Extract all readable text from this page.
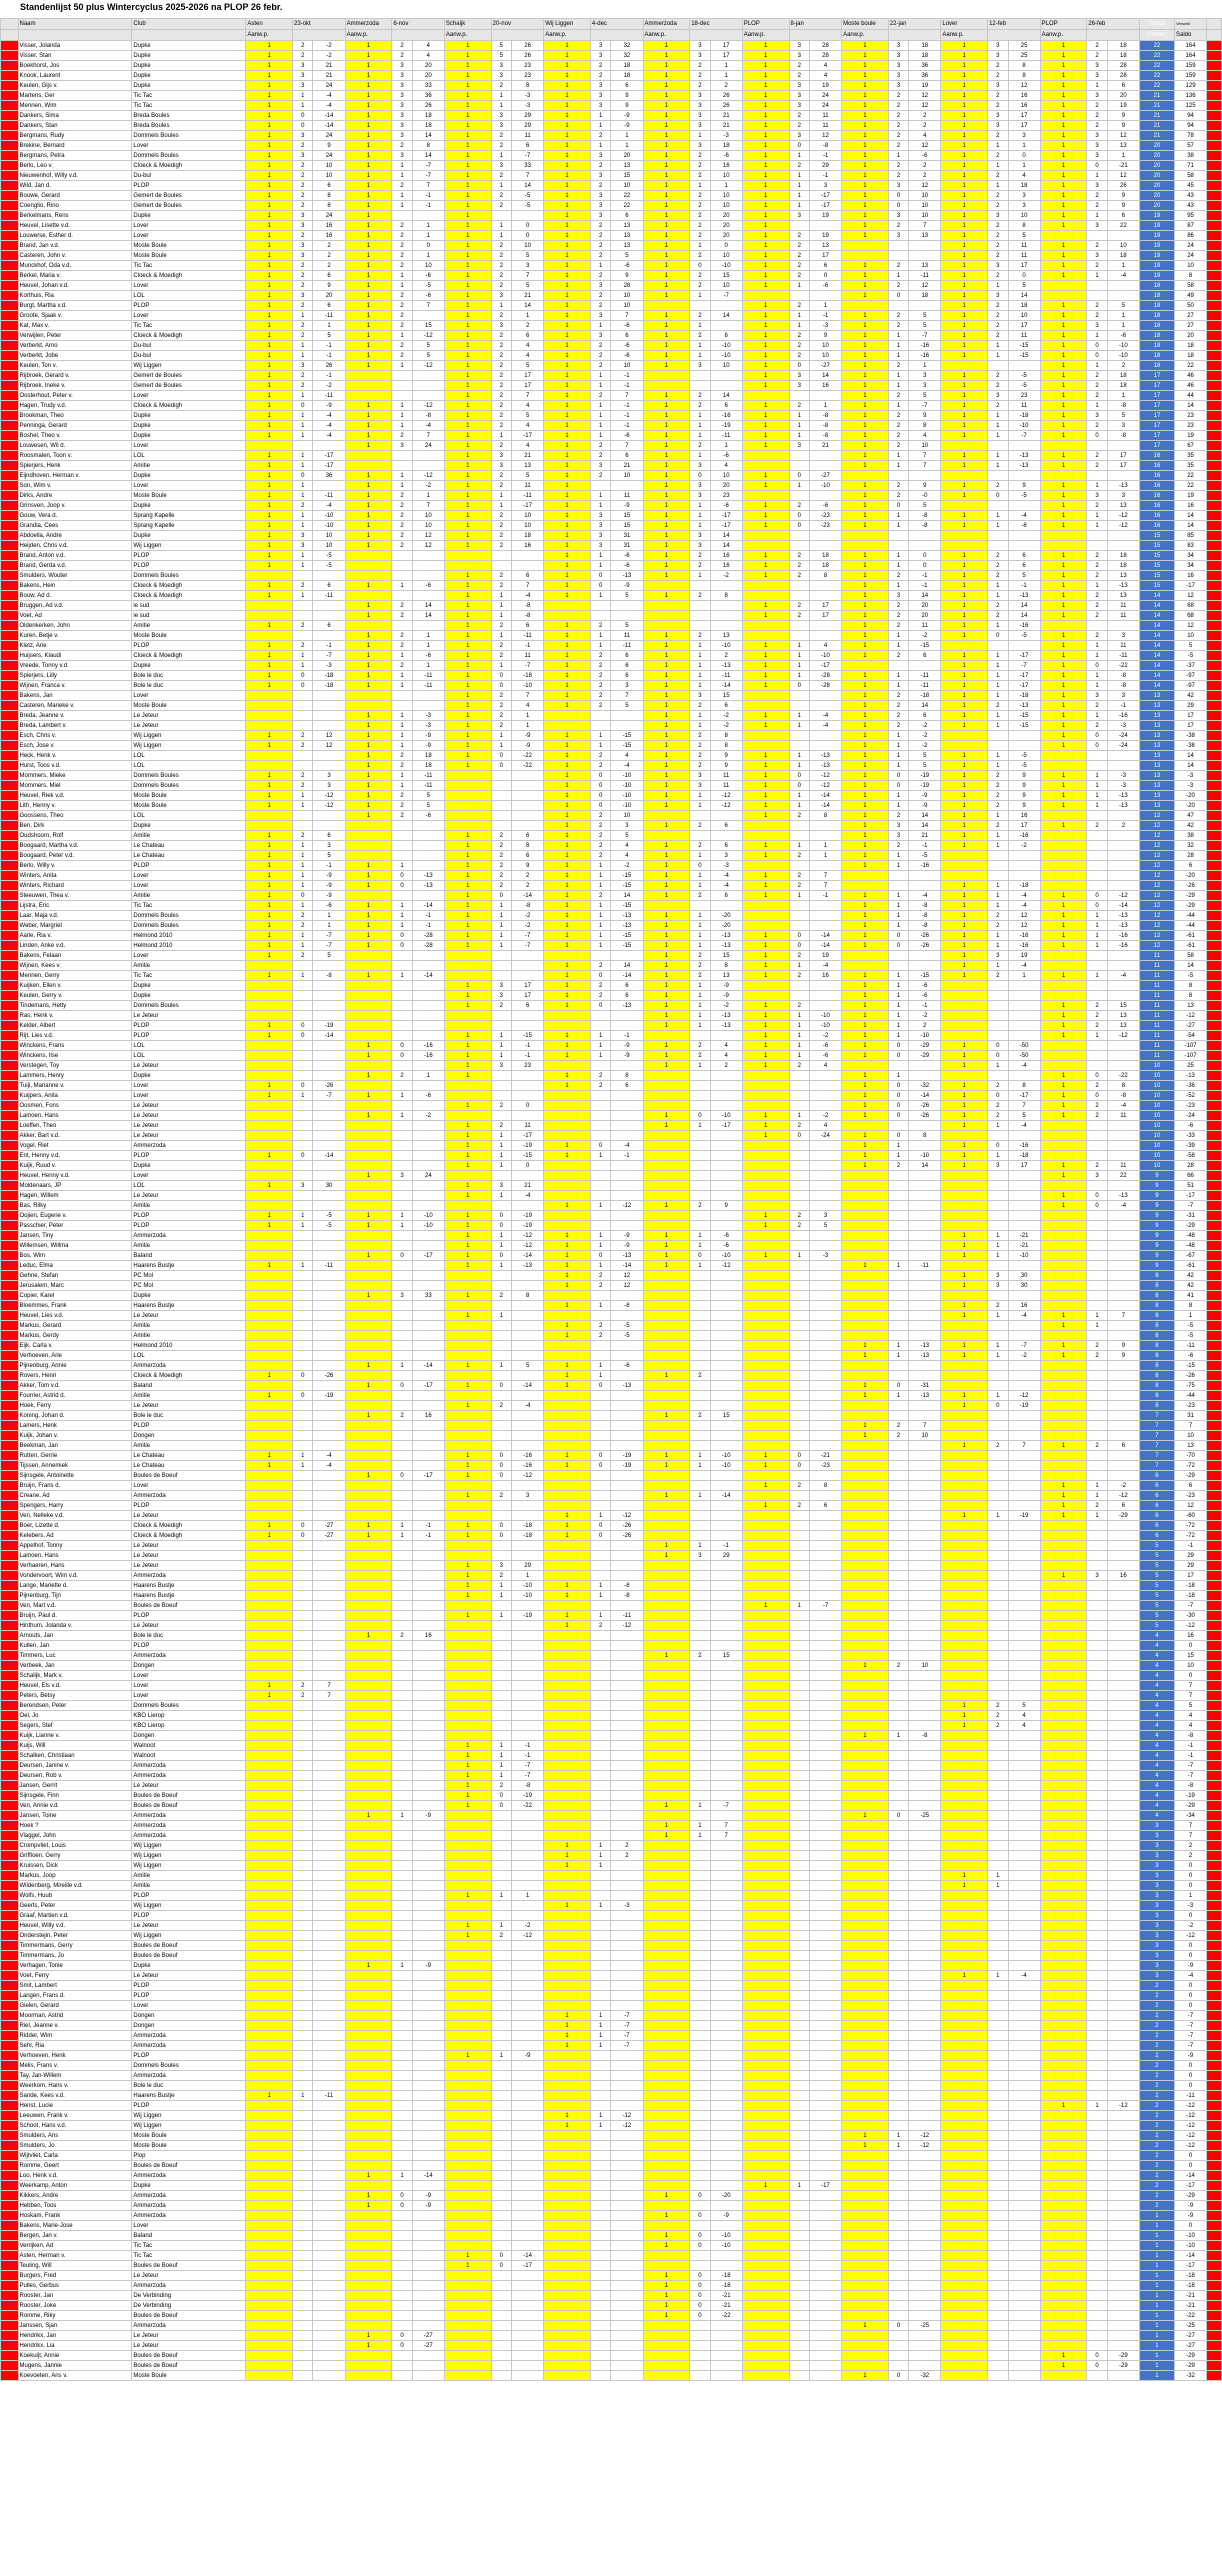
Standenlijst 50 plus Wintercyclus 2025-2026 na PLOP 26 febr.
	Naam	Club	Asten	23-okt		Ammerzoda	6-nov		Schaijk	20-nov		Wij Liggen	4-dec		Ammerzoda	18-dec		PLOP	8-jan		Moste boule	22-jan		Lover	12-feb		PLOP	26-feb		Totaal	Verschil	
			Aanw.p.			Aanw.p.			Aanw.p.			Aanw.p.			Aanw.p.			Aanw.p.			Aanw.p.			Aanw.p.			Aanw.p.			Punten	Saldo	
	Visser, Jolanda	Dupke	1	2	-2	1	2	4	1	5	26	1	3	32	1	3	17	1	3	28	1	3	18	1	3	25	1	2	18	22	164	
	Visser, Stan	Dupke	1	2	-2	1	2	4	1	5	26	1	3	32	1	3	17	1	3	28	1	3	18	1	3	25	1	2	18	22	164	
	Boekhorst, Jos	Dupke	1	3	21	1	3	20	1	3	23	1	2	18	1	2	1	1	2	4	1	3	36	1	2	8	1	3	28	22	159	
	Knook, Laurent	Dupke	1	3	21	1	3	20	1	3	23	1	2	18	1	2	1	1	2	4	1	3	36	1	2	8	1	3	28	22	159	
	Keulen, Gijs v.	Dupke	1	3	24	1	3	33	1	2	8	1	3	6	1	2	2	1	3	19	1	3	19	1	3	12	1	1	6	22	129	
	Martens, Ger	Tic Tac	1	1	-4	1	3	36	1	1	-3	1	3	9	1	3	26	1	3	24	1	2	12	1	2	16	1	3	20	21	136	
	Mennen, Wim	Tic Tac	1	1	-4	1	3	26	1	1	-3	1	3	9	1	3	26	1	3	24	1	2	12	1	2	16	1	2	19	21	125	
	Dankers, Sima	Breda Boules	1	0	-14	1	3	18	1	3	29	1	1	-9	1	3	21	1	2	11	1	2	2	1	3	17	1	2	9	21	94	
	Dankers, Stan	Breda Boules	1	0	-14	1	3	18	1	3	29	1	1	-9	1	3	21	1	2	11	1	2	2	1	3	17	1	2	9	21	94	
	Bergmans, Rudy	Dommels Boules	1	3	24	1	3	14	1	2	11	1	2	1	1	1	-3	1	3	12	1	2	4	1	2	3	1	3	12	21	78	
	Brekine, Bernard	Lover	1	2	9	1	2	8	1	2	6	1	1	1	1	3	18	1	0	-8	1	2	12	1	1	1	1	3	13	20	57	
	Bergmans, Petra	Dommels Boules	1	3	24	1	3	14	1	1	-7	1	3	20	1	2	-6	1	1	-1	1	1	-6	1	2	0	1	3	1	20	38	
	Berlo, Leo v.	Cloeck & Moedigh	1	2	10	1	1	-7	1	3	33	1	2	13	1	2	16	1	2	29	1	2	2	1	1	1	1	0	-21	20	71	
	Nieuwenhof, Willy v.d.	Du-bul	1	2	10	1	1	-7	1	2	7	1	3	15	1	2	10	1	1	-1	1	2	2	1	2	4	1	1	12	20	58	
	Wild, Jan d.	PLOP	1	2	6	1	2	7	1	1	14	1	2	10	1	1	1	1	1	3	1	3	12	1	1	18	1	3	26	20	45	
	Bouwe, Gerard	Gemert de Boules	1	2	8	1	1	-1	1	2	-5	1	3	22	1	2	10	1	1	-17	1	0	10	1	2	3	1	2	9	20	43	
	Coenglio, Rino	Gemert de Boules	1	2	8	1	1	-1	1	2	-5	1	3	22	1	2	10	1	1	-17	1	0	10	1	2	3	1	2	9	20	43	
	Berkelmans, Rens	Dupke	1	3	24	1			1			1	3	6	1	2	20	1	3	19	1	3	10	1	3	10	1	1	6	19	95	
	Heuvel, Lisette v.d.	Lover	1	3	16	1	2	1	1	1	0	1	2	13	1	2	20	1			1	2	7	1	2	8	1	3	22	19	87	
	Louwerse, Esther d.	Lover	1	2	16	1	2	1	1	1	0	1	2	13	1	2	20	1	2	19	1	3	13	1	2	5				19	86	
	Brand, Jan v.d.	Moste Boule	1	3	2	1	2	0	1	2	10	1	2	13	1	1	0	1	2	13				1	2	11	1	2	10	19	24	
	Casteren, John v.	Moste Boule	1	3	2	1	2	1	1	2	5	1	2	5	1	2	10	1	2	17				1	2	11	1	3	18	19	24	
	Munckhof, Oda v.d.	Tic Tac	1	2	2	1	2	10	1	2	3	1	1	-6	1	0	-10	1	2	6	1	2	13	1	3	17	1	2	1	19	10	
	Berkel, Maria v.	Cloeck & Moedigh	1	2	6	1	1	-6	1	2	7	1	2	9	1	2	15	1	2	0	1	1	-11	1	2	0	1	1	-4	19	8	
	Heuvel, Johan v.d.	Lover	1	2	9	1	1	-5	1	2	5	1	3	28	1	2	10	1	1	-6	1	2	12	1	1	5				18	58	
	Korthuis, Ria	LOL	1	3	20	1	2	-6	1	3	21	1	2	10	1	1	-7				1	0	18	1	3	14				18	49	
	Burgt, Martha v.d.	PLOP	1	2	6	1	2	7	1	1	14	1	2	10				1	2	1				1	2	18	1	2	5	18	50	
	Groote, Sjaak v.	Lover	1	1	-11	1	2		1	2	1	1	3	7	1	2	14	1	1	-1	1	2	5	1	2	10	1	2	1	18	27	
	Kat, Max v.	Tic Tac	1	2	1	1	2	15	1	3	2	1	1	-6	1	1		1	1	-3	1	2	5	1	2	17	1	3	1	18	27	
	Verwijlen, Peter	Cloeck & Moedigh	1	2	5	1	1	-12	1	2	6	1	3	6	1	2	6	1	2	9	1	1	-7	1	2	11	1	1	-6	18	20	
	Verberkt, Arno	Du-bul	1	1	-1	1	2	5	1	2	4	1	2	-6	1	1	-10	1	2	10	1	1	-16	1	1	-15	1	0	-10	18	18	
	Verberkt, Jobe	Du-bul	1	1	-1	1	2	5	1	2	4	1	2	-6	1	1	-10	1	2	10	1	1	-16	1	1	-15	1	0	-10	18	18	
	Keulen, Ton v.	Wij Liggen	1	3	26	1	1	-12	1	2	5	1	2	10	1	3	10	1	0	-27	1	2	1				1	1	2	18	22	
	Rijbroek, Gerard v.	Gemert de Boules	1	2	-1				1	2	17	1	1	-1				1	3	14	1	1	3	1	2	-5	1	2	18	17	46	
	Rijbroek, Ineke v.	Gemert de Boules	1	2	-2				1	2	17	1	1	-1				1	3	16	1	1	3	1	2	-5	1	2	18	17	46	
	Oosterhout, Peter v.	Lover	1	1	-11				1	2	7	1	2	7	1	2	14				1	2	5	1	3	23	1	2	1	17	44	
	Hagen, Trudy v.d.	Cloeck & Moedigh	1	0	-9	1	1	-12	1	2	4	1	1	-1	1	2	6	1	2	1	1	1	-7	1	2	11	1	1	-8	17	14	
	Brookman, Theo	Dupke	1	1	-4	1	1	-8	1	2	5	1	1	-1	1	1	-16	1	1	-8	1	2	9	1	1	-18	1	3	5	17	23	
	Penninga, Gerard	Dupke	1	1	-4	1	1	-4	1	2	4	1	1	-1	1	1	-19	1	1	-8	1	2	8	1	1	-10	1	2	3	17	23	
	Boshel, Theo v.	Dupke	1	1	-4	1	2	7	1	1	-17	1	1	-6	1	1	-11	1	1	-8	1	2	4	1	1	-7	1	0	-8	17	19	
	Louwesen, Wil d.	Lover				1	3	24	1	2	4	1	2	7	1	2	1	1	3	21	1	2	10							17	67	
	Roosmalen, Toon v.	LOL	1	1	-17				1	3	21	1	2	6	1	1	-6				1	1	7	1	1	-13	1	2	17	16	35	
	Spierjers, Henk	Amitie	1	1	-17				1	3	13	1	3	21	1	3	4				1	1	7	1	1	-13	1	2	17	16	35	
	Eijndhoven, Herman v.	Dupke	1	0	36	1	1	-12	1	2	5	1	2	10	1	0	10	1	0	-27										16	22	
	Son, Wim v.	Lover	1	1		1	1	-2	1	2	11	1			1	3	20	1	1	-10	1	2	9	1	2	9	1	1	-13	16	22	
	Dirks, Andre	Moste Boule	1	1	-11	1	2	1	1	1	-11	1	1	11	1	3	23				1	2	-0	1	0	-5	1	3	3	16	19	
	Grinsven, Joop v.	Dupke	1	2	-4	1	2	7	1	1	-17	1	1	-9	1	1	-6	1	2	-6	1	0	5				1	2	13	16	16	
	Gouw, Vera d.	Sprang Kapelle	1	1	-10	1	2	10	1	2	10	1	3	15	1	1	-17	1	0	-23	1	1	-8	1	1	-4	1	1	-12	16	14	
	Grandia, Cees	Sprang Kapelle	1	1	-10	1	2	10	1	2	10	1	3	15	1	1	-17	1	0	-23	1	1	-8	1	1	-8	1	1	-12	16	14	
	Abdoella, Andre	Dupke	1	3	10	1	2	12	1	2	18	1	3	31	1	3	14													15	85	
	Heijden, Chris v.d.	Wij Liggen	1	3	10	1	2	12	1	2	16	1	3	31	1	3	14													15	83	
	Brand, Anton v.d.	PLOP	1	1	-5							1	1	-6	1	2	16	1	2	18	1	1	0	1	2	6	1	2	18	15	34	
	Brand, Gerda v.d.	PLOP	1	1	-5							1	1	-6	1	2	16	1	2	18	1	1	0	1	2	6	1	2	18	15	34	
	Smulders, Wouter	Dommels Boules							1	2	6	1	0	-13	1	1	-2	1	2	8	1	2	-1	1	2	5	1	2	13	15	16	
	Bakens, Hein	Cloeck & Moedigh	1	2	6	1	1	-6	1	2	7	1	0	-9							1	1	-1	1	1	-1	1	1	-13	15	-17	
	Bouw, Ad d.	Cloeck & Moedigh	1	1	-11				1	1	-4	1	1	5	1	2	8				1	3	14	1	1	-13	1	2	13	14	12	
	Bruggen, Ad v.d.	le sud				1	2	14	1	1	-8							1	2	17	1	2	20	1	2	14	1	2	11	14	68	
	Voet, Ad	le sud				1	2	14	1	1	-8							1	2	17	1	2	20	1	2	14	1	2	11	14	68	
	Oldenkerken, John	Amitie	1	2	6				1	2	6	1	2	5							1	2	11	1	1	-16				14	12	
	Kuren, Betje v.	Moste Boule				1	2	1	1	1	-11	1	1	11	1	2	13				1	1	-2	1	0	-5	1	2	3	14	10	
	Kletz, Arie	PLOP	1	2	-1	1	2	1	1	2	-1	1	1	-11	1	1	-10	1	1	4	1	1	-15				1	1	11	14	5	
	Huijsers, Klaudi	Cloeck & Moedigh	1	1	-7	1	1	-6	1	2	11	1	2	6	1	1	2	1	1	-10	1	2	6	1	1	-17	1	1	-11	14	-5	
	Vreede, Tonny v.d.	Dupke	1	1	-3	1	2	1	1	1	-7	1	2	6	1	1	-13	1	1	-17				1	1	-7	1	0	-22	14	-37	
	Spierjers, Lilly	Bole le duc	1	0	-18	1	1	-11	1	0	-18	1	2	6	1	1	-11	1	1	-28	1	1	-11	1	1	-17	1	1	-8	14	-97	
	Wijnen, Franca v.	Bole le duc	1	0	-18	1	1	-11	1	0	-10	1	2	3	1	1	-14	1	0	-28	1	1	-11	1	1	-17	1	1	-8	14	-97	
	Bakens, Jan	Lover							1	2	7	1	2	7	1	3	15				1	2	-18	1	1	-18	1	3	3	13	42	
	Casteren, Marieke v.	Moste Boule							1	2	4	1	2	5	1	2	6				1	2	14	1	2	-13	1	2	-1	13	29	
	Breda, Jeanne v.	Le Jeteur				1	1	-3	1	2	1				1	1	-2	1	1	-4	1	2	6	1	1	-15	1	1	-16	13	17	
	Breda, Lambert v.	Le Jeteur				1	1	-3	1	2	1				1	1	-2	1	1	-4	1	2	-2	1	1	-15	1	2	-3	13	17	
	Esch, Chris v.	Wij Liggen	1	2	12	1	1	-9	1	1	-9	1	1	-15	1	2	8				1	1	-2				1	0	-24	13	-38	
	Esch, Jose v.	Wij Liggen	1	2	12	1	1	-9	1	1	-9	1	1	-15	1	2	8				1	1	-2				1	0	-24	13	-38	
	Heck, Henk v.	LOL				1	2	18	1	0	-22	1	2	4	1	2	9	1	1	-13	1	1	5	1	1	-5				13	14	
	Hurst, Toos v.d.	LOL				1	2	18	1	0	-22	1	2	-4	1	2	9	1	1	-13	1	1	5	1	1	-5				13	14	
	Mommers, Mieke	Dommels Boules	1	2	3	1	1	-11				1	0	-10	1	3	11	1	0	-12	1	0	-19	1	2	9	1	1	-3	13	-3	
	Mommers, Miel	Dommels Boules	1	2	3	1	1	-11				1	0	-10	1	3	11	1	0	-12	1	0	-19	1	2	9	1	1	-3	13	-3	
	Heuvel, Riek v.d.	Moste Boule	1	1	-12	1	2	5				1	0	-10	1	1	-12	1	1	-14	1	1	-9	1	2	9	1	1	-13	13	-20	
	Lith, Henny v.	Moste Boule	1	1	-12	1	2	5				1	0	-10	1	1	-12	1	1	-14	1	1	-9	1	2	9	1	1	-13	13	-20	
	Goossens, Theo	LOL				1	2	-6				1	2	10				1	2	8	1	2	14	1	1	16				12	47	
	Ben, Dirk	Dupke										1	2	3	1	2	6				1	3	14	1	2	17	1	2	2	12	42	
	Oudshoorn, Rolf	Amitie	1	2	6				1	2	6	1	2	5							1	3	21	1	1	-16				12	38	
	Boogaard, Martha v.d.	Le Chateau	1	1	3				1	2	8	1	2	4	1	2	6	1	1	1	1	2	-1	1	1	-2				12	32	
	Boogaard, Peter v.d.	Le Chateau	1	1	5				1	2	6	1	2	4	1	1	3	1	2	1	1	1	-5							12	28	
	Berlo, Willy v.	PLOP	1	1	-1	1	1		1	2	9	1	1	-2	1	0	-3				1	1	-16							12	6	
	Winters, Anita	Lover	1	1	-9	1	0	-13	1	2	2	1	1	-15	1	1	-4	1	2	7										12	-20	
	Winters, Richard	Lover	1	1	-9	1	0	-13	1	2	2	1	1	-15	1	1	-4	1	2	7				1	1	-18				12	-26	
	Steeuwen, Thea v.	Amitie	1	0	-9				1	0	-14	1	2	14	1	2	6	1	1	-1	1	1	-4	1	1	-4	1	0	-12	12	-29	
	Lijstra, Eric	Tic Tac	1	1	-6	1	1	-14	1	1	-8	1	1	-15							1	1	-8	1	1	-4	1	0	-14	12	-29	
	Laar, Maja v.d.	Dommels Boules	1	2	1	1	1	-1	1	1	-2	1	1	-13	1	1	-20				1	1	-8	1	2	12	1	1	-13	12	-44	
	Weber, Margriet	Dommels Boules	1	2	1	1	1	-1	1	1	-2	1	1	-13	1	1	-20				1	1	-8	1	2	12	1	1	-13	12	-44	
	Aarle, Ria v.	Helmond 2010	1	1	-7	1	0	-28	1	1	-7	1	1	-15	1	1	-13	1	0	-14	1	0	-26	1	1	-16	1	1	-16	12	-61	
	Linden, Anke v.d.	Helmond 2010	1	1	-7	1	0	-28	1	1	-7	1	1	-15	1	1	-13	1	0	-14	1	0	-26	1	1	-16	1	1	-16	12	-61	
	Bakens, Felaan	Lover	1	2	5										1	2	15	1	2	19				1	3	19				11	58	
	Wijnen, Kees v.	Amitie										1	2	14	1	2	8	1	1	-4				1	1	-4				11	14	
	Mennen, Gerry	Tic Tac	1	1	-8	1	1	-14				1	0	-14	1	2	13	1	2	16	1	1	-15	1	2	1	1	1	-4	11	-5	
	Kuijken, Ellen v.	Dupke							1	3	17	1	2	6	1	1	-9				1	1	-6							11	8	
	Keulen, Gerry v.	Dupke							1	3	17	1	2	6	1	1	-9				1	1	-6							11	8	
	Tindemans, Hetty	Dommels Boules							1	2	6	1	0	-13	1	1	-2	1	2		1	1	-1				1	2	15	11	13	
	Ras, Henk v.	Le Jeteur													1	1	-13	1	1	-10	1	1	-2				1	2	13	11	-12	
	Kelder, Albert	PLOP	1	0	-19										1	1	-13	1	1	-10	1	1	2				1	2	13	11	-27	
	Rijt, Lies v.d.	PLOP	1	0	-14				1	1	-15	1	1	-1				1	1	-2	1	1	-10				1	1	-12	11	-54	
	Winckens, Frans	LOL				1	0	-16	1	1	-1	1	1	-9	1	2	4	1	1	-6	1	0	-29	1	0	-50				11	-107	
	Winckens, Ilse	LOL				1	0	-16	1	1	-1	1	1	-9	1	2	4	1	1	-6	1	0	-29	1	0	-50				11	-107	
	Verstegen, Toy	Le Jeteur							1	3	23				1	1	2	1	2	4				1	1	-4				10	25	
	Lammers, Henry	Dupke				1	2	1	1			1	2	8							1	1					1	0	-22	10	-13	
	Tuijl, Marianne v.	Lover	1	0	-26							1	2	6							1	0	-32	1	2	8	1	2	8	10	-36	
	Kuijpers, Anita	Lover	1	1	-7	1	1	-6													1	0	-14	1	0	-17	1	0	-8	10	-52	
	Oosmen, Fons	Le Jeteur							1	2	0										1	0	-26	1	2	7	1	2	-4	10	-23	
	Lamoen, Hans	Le Jeteur				1	1	-2							1	0	-10	1	1	-2	1	0	-26	1	2	5	1	2	11	10	-24	
	Loeffen, Theo	Le Jeteur							1	2	11				1	1	-17	1	2	4				1	1	-4				10	-6	
	Akker, Bart v.d.	Le Jeteur							1	1	-17							1	0	-24	1	0	8							10	-33	
	Vogel, Riet	Ammerzoda							1	1	-19	1	0	-4							1	1		1	0	-16				10	-39	
	Ent, Henny v.d.	PLOP	1	0	-14				1	1	-15	1	1	-1							1	1	-10	1	1	-18				10	-58	
	Kuijk, Ruud v.	Dupke							1	1	0										1	2	14	1	3	17	1	2	11	10	28	
	Heuvel, Henny v.d.	Lover				1	3	24																			1	3	22	9	66	
	Moldenaars, JP	LOL	1	3	30				1	3	21																			9	51	
	Hagen, Willem	Le Jeteur							1	1	-4																1	0	-13	9	-17	
	Bas, Rilky	Amitie										1	1	-12	1	2	9										1	0	-4	9	-7	
	Oojien, Eugene v.	PLOP	1	1	-5	1	1	-10	1	0	-19							1	2	3										9	-31	
	Passchier, Peter	PLOP	1	1	-5	1	1	-10	1	0	-19							1	2	5										9	-29	
	Jansen, Tiny	Ammerzoda							1	1	-12	1	1	-9	1	1	-6							1	1	-21				9	-48	
	Willemsen, Willma	Amitie							1	1	-12	1	1	-9	1	1	-6							1	1	-21				9	-48	
	Bos, Wim	Baland				1	0	-17	1	0	-14	1	0	-13	1	0	-10	1	1	-3				1	1	-10				9	-67	
	Leduc, Elma	Haarens Bustje	1	1	-11				1	1	-13	1	1	-14	1	1	-12				1	1	-11							9	-61	
	Gehne, Stefan	PC Mol										1	2	12										1	3	30				8	42	
	Jerusalem, Marc	PC Mol										1	2	12										1	3	30				8	42	
	Copier, Karel	Dupke				1	3	33	1	2	8																			8	41	
	Bloemmes, Frank	Haarens Bustje										1	1	-8										1	2	16				8	8	
	Heuvel, Lies v.d.	Le Jeteur							1	1														1	1	-4	1	1	7	8	1	
	Markus, Gerard	Amitie										1	2	-5													1	1		8	-5	
	Markus, Gerdy	Amitie										1	2	-5																8	-5	
	Eijk, Carla v.	Helmond 2010																			1	1	-13	1	1	-7	1	2	9	8	-11	
	Verhoeven, Arie	LOL																			1	1	-13	1	1	-2	1	2	9	8	-6	
	Pijnenburg, Annie	Ammerzoda				1	1	-14	1	1	5	1	1	-6																8	-15	
	Rovers, Henri	Cloeck & Moedigh	1	0	-26							1	1		1	2														8	-26	
	Akker, Tom v.d.	Baland				1	0	-17	1	0	-14	1	0	-13							1	0	-31							8	-75	
	Fourrier, Astrid d.	Amitie	1	0	-19																1	1	-13	1	1	-12				8	-44	
	Hoek, Ferry	Le Jeteur							1	2	-4													1	0	-19				8	-23	
	Koning, Johan d.	Bole le duc				1	2	16							1	2	15													7	31	
	Lamers, Henk	PLOP																			1	2	7							7	7	
	Kuijk, Johan v.	Dongen																			1	2	10							7	10	
	Beekman, Jan	Amitie																						1	2	7	1	2	6	7	13	
	Rutten, Gerrie	Le Chateau	1	1	-4				1	0	-16	1	0	-19	1	1	-10	1	0	-21										7	-70	
	Tijssen, Annemiek	Le Chateau	1	1	-4				1	0	-16	1	0	-19	1	1	-10	1	0	-23										7	-72	
	Sijnsgele, Antoinette	Boules de Boeuf				1	0	-17	1	0	-12																			6	-29	
	Bruijn, Frans d.	Lover																1	2	8							1	1	-2	6	6	
	Creane, Ad	Ammerzoda							1	2	3				1	1	-14										1	1	-12	6	-23	
	Spengers, Harry	PLOP																1	2	6							1	2	6	6	12	
	Ven, Nelleke v.d.	Le Jeteur										1	1	-12										1	1	-19	1	1	-29	6	-60	
	Boer, Lizette d.	Cloeck & Moedigh	1	0	-27	1	1	-1	1	0	-18	1	0	-26																6	-72	
	Kelebers, Ad	Cloeck & Moedigh	1	0	-27	1	1	-1	1	0	-18	1	0	-26																6	-72	
	Appelhof, Tonny	Le Jeteur													1	1	-1													5	-1	
	Lamoen, Hans	Le Jeteur													1	3	29													5	29	
	Verhaeren, Hans	Le Jeteur							1	3	29																			5	29	
	Vondervoort, Wim v.d.	Ammerzoda							1	2	1																1	3	16	5	17	
	Lange, Mariette d.	Haarens Bustje							1	1	-10	1	1	-8																5	-18	
	Pijnenburg, Tijn	Haarens Bustje							1	1	-10	1	1	-8																5	-18	
	Ven, Mart v.d.	Boules de Boeuf																1	1	-7										5	-7	
	Bruijn, Paul d.	PLOP							1	1	-19	1	1	-11																5	-30	
	Hinthum, Jolanda v.	Le Jeteur										1	2	-12																5	-12	
	Arnouts, Jan	Bole le duc				1	2	16																						4	16	
	Kullen, Jan	PLOP																												4	0	
	Timmers, Luc	Ammerzoda													1	2	15													4	15	
	Verbeek, Jan	Dongen																			1	2	10							4	10	
	Schalijk, Mark v.	Lover																												4	0	
	Heuvel, Els v.d.	Lover	1	2	7																									4	7	
	Peters, Betsy	Lover	1	2	7																									4	7	
	Berendsen, Peter	Dommels Boules																						1	2	5				4	5	
	Oel, Jo	KBO Lierop																						1	2	4				4	4	
	Segers, Stef	KBO Lierop																						1	2	4				4	4	
	Kuijk, Lianne v.	Dongen																			1	1	-8							4	-8	
	Kuijs, Will	Walnoot							1	1	-1																			4	-1	
	Schalken, Christiaan	Walnoot							1	1	-1																			4	-1	
	Deursen, Janine v.	Ammerzoda							1	1	-7																			4	-7	
	Deursen, Rob v.	Ammerzoda							1	1	-7																			4	-7	
	Jansen, Gerrit	Le Jeteur							1	2	-8																			4	-8	
	Sijnsgele, Finn	Boules de Boeuf							1	0	-19																			4	-19	
	Ven, Annie v.d.	Boules de Boeuf							1	0	-22				1	1	-7													4	-29	
	Jansen, Toine	Ammerzoda				1	1	-9													1	0	-25							4	-34	
	Hoek ?	Ammerzoda													1	1	7													3	7	
	Vlaggel, John	Ammerzoda													1	1	7													3	7	
	Crompvliet, Louis	Wij Liggen										1	1	2																3	2	
	Griffioen, Gerry	Wij Liggen										1	1	2																3	2	
	Kruissen, Dick	Wij Liggen										1	1																	3	0	
	Markus, Joop	Amitie																						1	1					3	0	
	Wildenberg, Mireille v.d.	Amitie																						1	1					3	0	
	Wolfs, Huub	PLOP							1	1	1																			3	1	
	Geerts, Peter	Wij Liggen										1	1	-3																3	-3	
	Graaf, Martien v.d.	PLOP																												3	0	
	Heuvel, Willy v.d.	Le Jeteur							1	1	-2																			3	-2	
	Onderstejin, Peter	Wij Liggen							1	2	-12																			3	-12	
	Timmermans, Gerry	Boules de Boeuf																												3	0	
	Timmermans, Jo	Boules de Boeuf																												3	0	
	Verhagen, Tonie	Dupke				1	1	-9																						3	-9	
	Voet, Ferry	Le Jeteur																						1	1	-4				3	-4	
	Smit, Lambert	PLOP																												2	0	
	Langen, Frans d.	PLOP																												2	0	
	Gielen, Gerard	Lover																												2	0	
	Moorman, Astrid	Dongen										1	1	-7																2	-7	
	Riel, Jeanne v.	Dongen										1	1	-7																2	-7	
	Ridder, Wim	Ammerzoda										1	1	-7																2	-7	
	Sehr, Ria	Ammerzoda										1	1	-7																2	-7	
	Verhoeven, Henk	PLOP							1	1	-9																			2	-9	
	Melis, Frans v.	Dommels Boules																												2	0	
	Tay, Jan-Willem	Ammerzoda																												2	0	
	Weerkom, Hans v.	Bole le duc																												2	0	
	Sande, Kees v.d.	Haarens Bustje	1	1	-11																									2	-11	
	Henst, Lucie	PLOP																									1	1	-12	2	-12	
	Leeuwen, Frank v.	Wij Liggen										1	1	-12																2	-12	
	Schoot, Hans v.d.	Wij Liggen										1	1	-12																2	-12	
	Smulders, Ans	Moste Boule																			1	1	-12							2	-12	
	Smulders, Jo	Moste Boule																			1	1	-12							2	-12	
	Wijtvliet, Carla	Plop																												2	0	
	Romme, Geert	Boules de Boeuf																												2	0	
	Loo, Henk v.d.	Ammerzoda				1	1	-14																						2	-14	
	Weerkamp, Anton	Dupke																1	1	-17										2	-17	
	Kikkers, Andre	Ammerzoda				1	0	-9							1	0	-20													2	-29	
	Hebben, Toos	Ammerzoda				1	0	-9																						2	-9	
	Hoskam, Frank	Ammerzoda													1	0	-9													1	-9	
	Bakens, Marie-Jose	Lover																												1	0	
	Bergen, Jan v.	Baland													1	0	-10													1	-10	
	Verrijken, Ad	Tic Tac													1	0	-10													1	-10	
	Asten, Herman v.	Tic Tac							1	0	-14																			1	-14	
	Teuling, Will	Boules de Boeuf							1	0	-17																			1	-17	
	Burgers, Fred	Le Jeteur													1	0	-18													1	-18	
	Pulles, Gerbus	Ammerzoda													1	0	-18													1	-18	
	Rooster, Jan	De Verbinding													1	0	-21													1	-21	
	Rooster, Joke	De Verbinding													1	0	-21													1	-21	
	Romme, Riky	Boules de Boeuf													1	0	-22													1	-22	
	Janssen, Sjan	Ammerzoda																			1	0	-25							1	-25	
	Hendrikx, Jan	Le Jeteur				1	0	-27																						1	-27	
	Hendrikx, Lia	Le Jeteur				1	0	-27																						1	-27	
	Koekuijt, Annie	Boules de Boeuf																									1	0	-29	1	-29	
	Mugens, Jannie	Boules de Boeuf																									1	0	-29	1	-29	
	Koevoeten, Ans v.	Moste Boule																			1	0	-32							1	-32	
